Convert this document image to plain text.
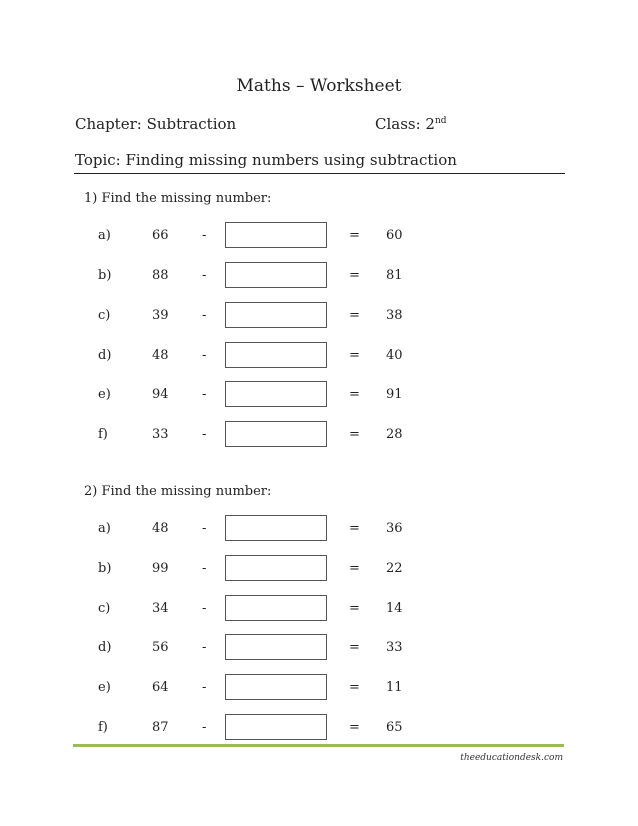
Maths – Worksheet
Chapter: Subtraction	Class: 2nd
Topic: Finding missing numbers using subtraction
1) Find the missing number:
a)	66	-	= 60
b)	88	-	= 81
c)	39	-	= 38
d)	48	-	= 40
e)	94	-	= 91
f)	33	-	= 28
2) Find the missing number:
a)	48	-	= 36
b)	99	-	= 22
c)	34	-	= 14
d)	56	-	= 33
e)	64	-	= 11
f)	87	-	= 65
theeducationdesk.com
